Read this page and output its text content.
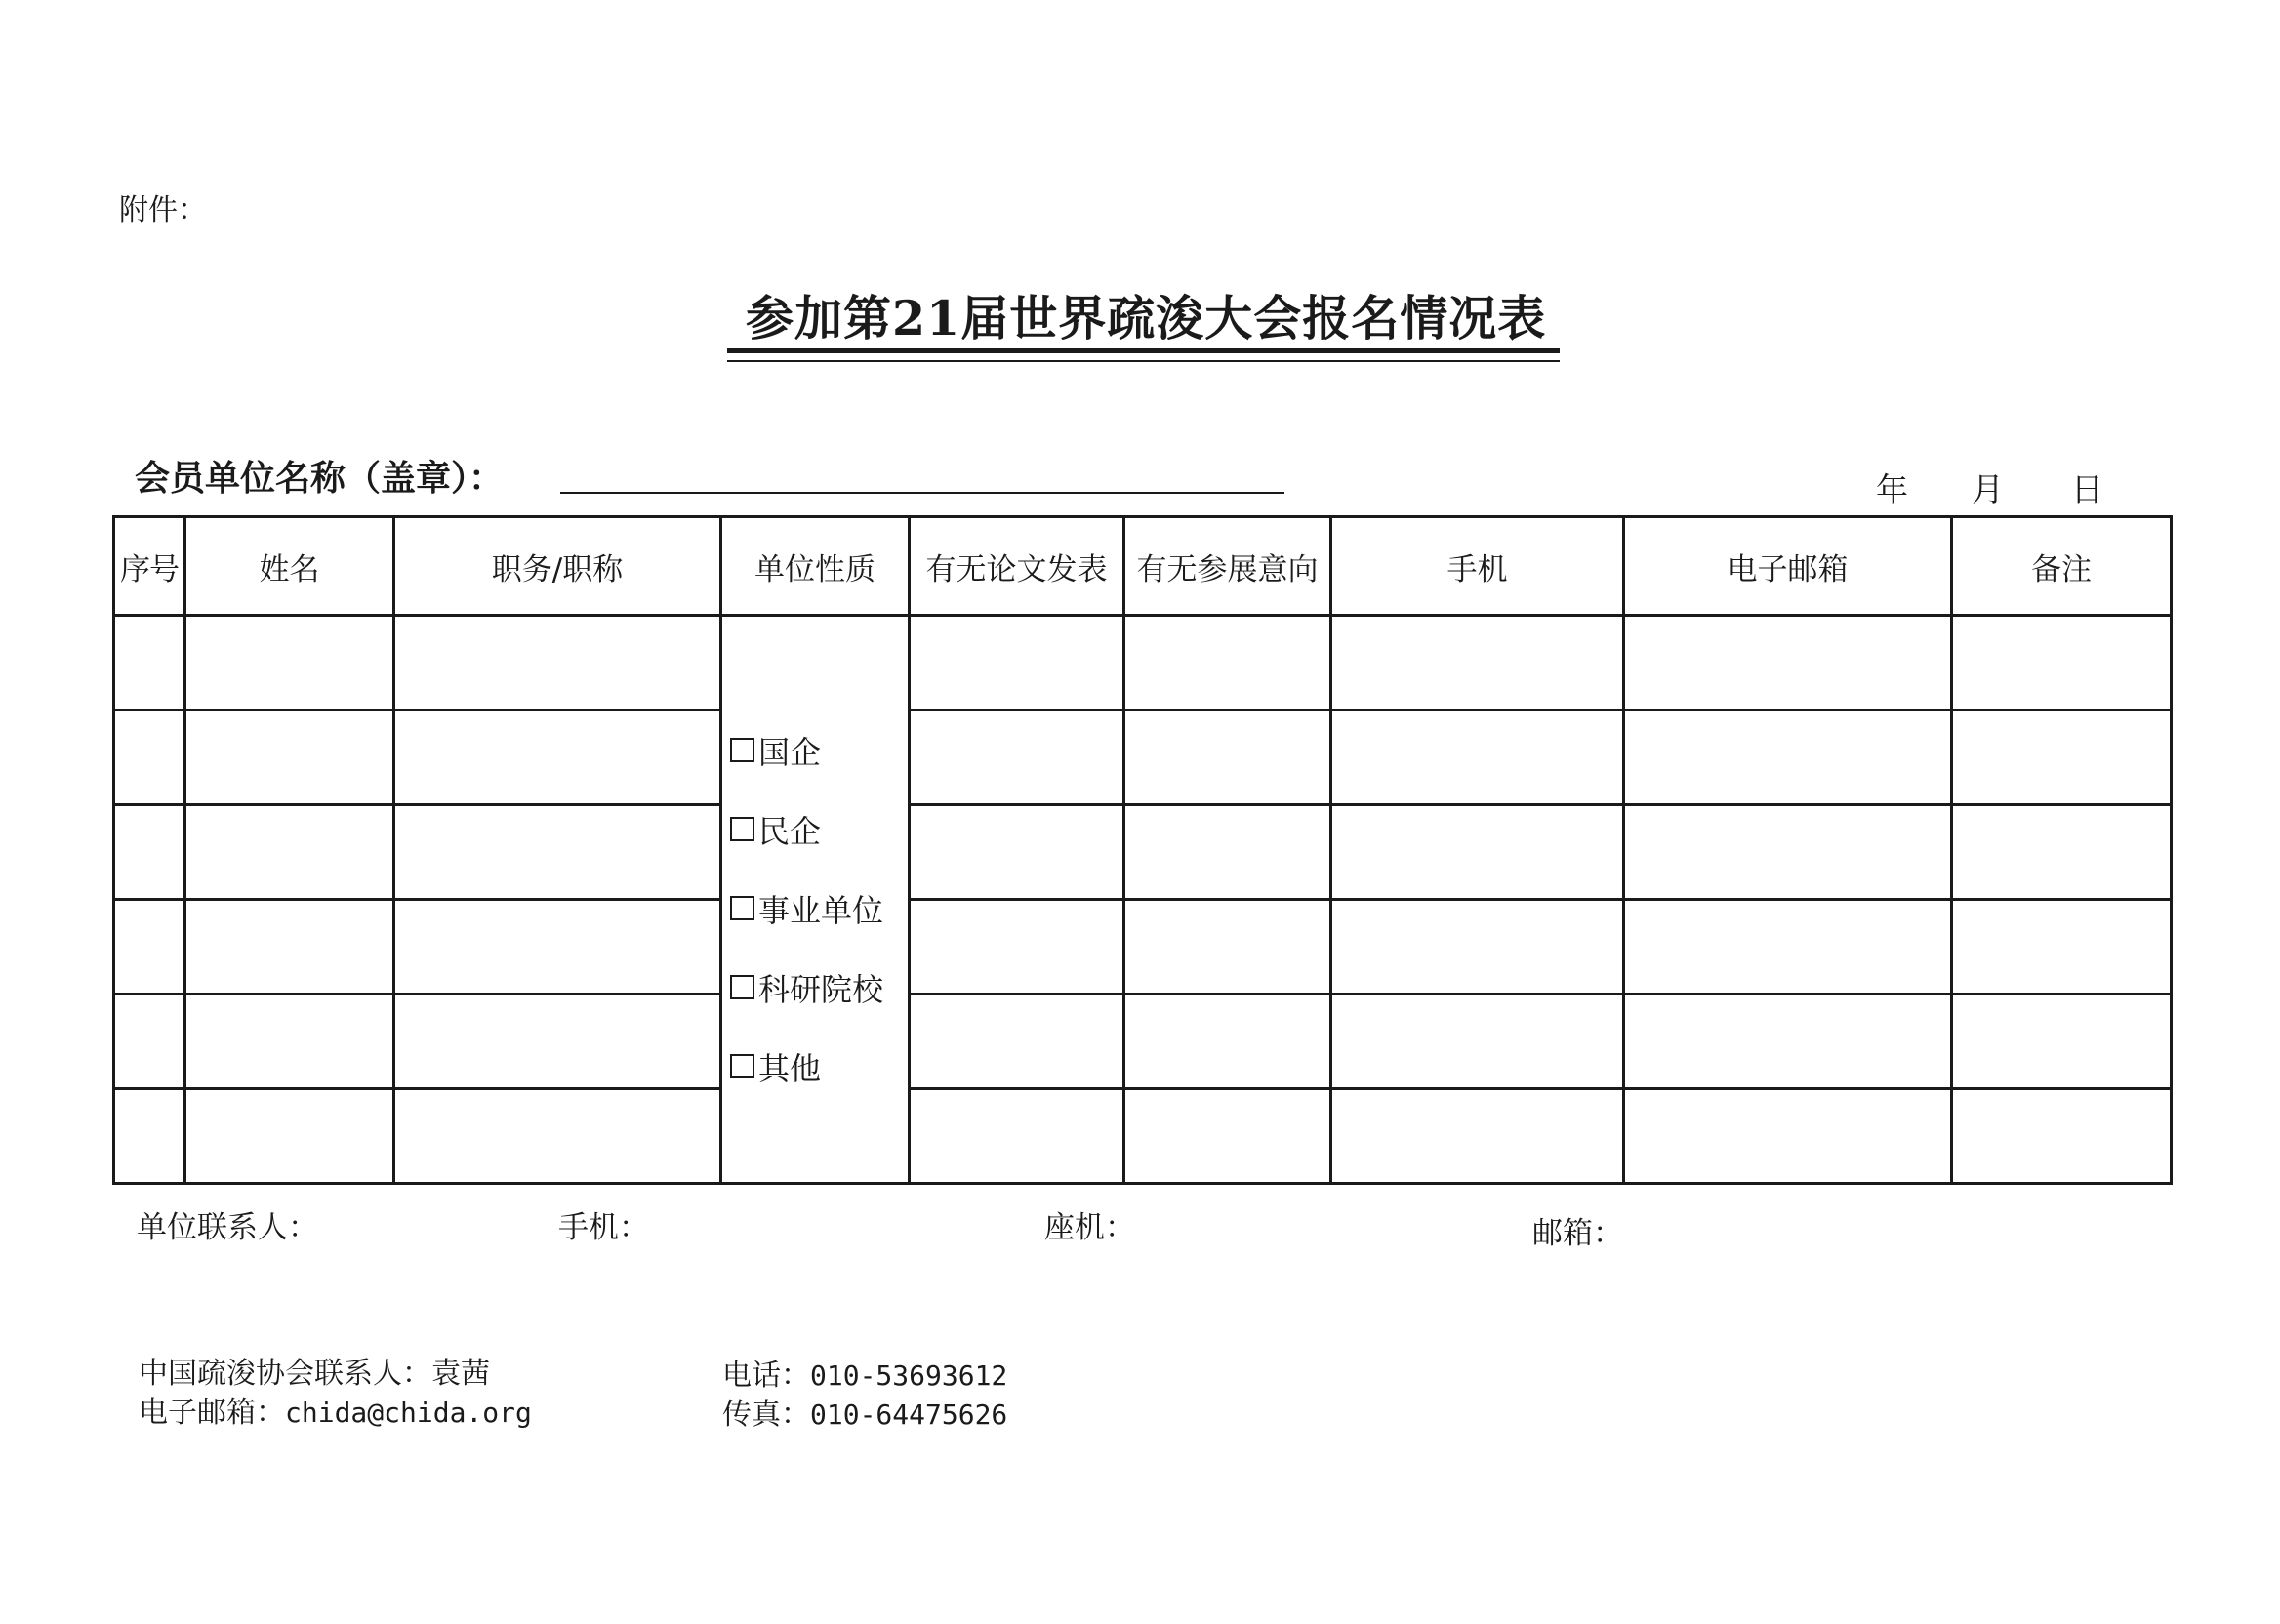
附件：
参加第21届世界疏浚大会报名情况表
会员单位名称（盖章）：	年 月 日
序号	姓名	职务/职称	单位性质	有无论文发表	有无参展意向	手机	电子邮箱	备注

			国企
民企
事业单位
科研院校
其他					

单位联系人：	手机：	座机：	邮箱：
中国疏浚协会联系人：袁茜
电子邮箱：chida@chida.org
电话：010-53693612
传真：010-64475626
